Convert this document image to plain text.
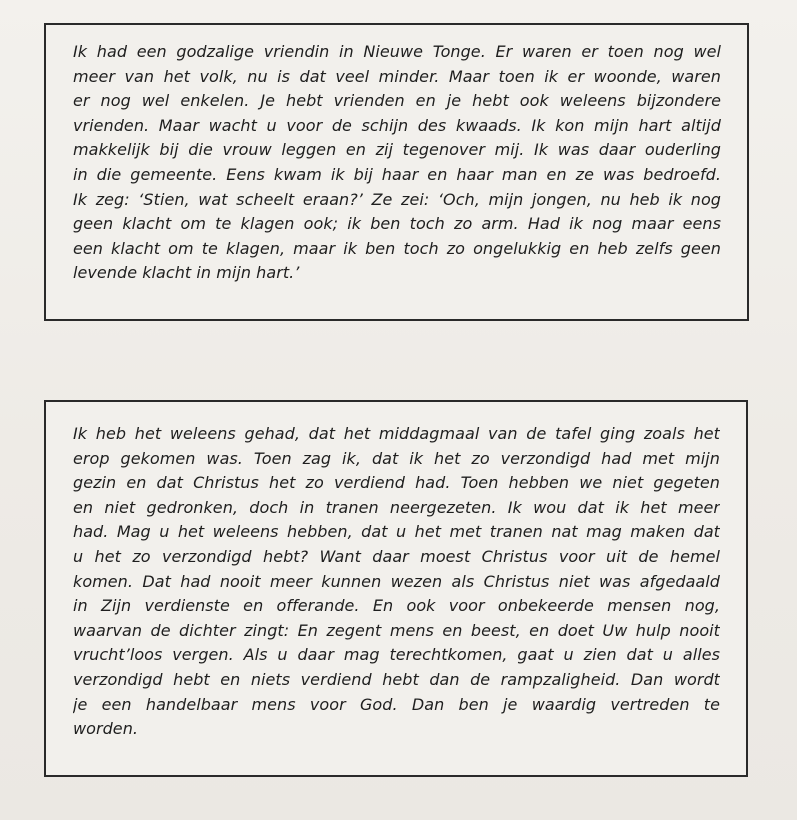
Ik had een godzalige vriendin in Nieuwe Tonge. Er waren er toen nog wel
meer van het volk, nu is dat veel minder. Maar toen ik er woonde, waren
er nog wel enkelen. Je hebt vrienden en je hebt ook weleens bijzondere
vrienden. Maar wacht u voor de schijn des kwaads. Ik kon mijn hart altijd
makkelijk bij die vrouw leggen en zij tegenover mij. Ik was daar ouderling
in die gemeente. Eens kwam ik bij haar en haar man en ze was bedroefd.
Ik zeg: ‘Stien, wat scheelt eraan?’ Ze zei: ‘Och, mijn jongen, nu heb ik nog
geen klacht om te klagen ook; ik ben toch zo arm. Had ik nog maar eens
een klacht om te klagen, maar ik ben toch zo ongelukkig en heb zelfs geen
levende klacht in mijn hart.’
Ik heb het weleens gehad, dat het middagmaal van de tafel ging zoals het
erop gekomen was. Toen zag ik, dat ik het zo verzondigd had met mijn
gezin en dat Christus het zo verdiend had. Toen hebben we niet gegeten
en niet gedronken, doch in tranen neergezeten. Ik wou dat ik het meer
had. Mag u het weleens hebben, dat u het met tranen nat mag maken dat
u het zo verzondigd hebt? Want daar moest Christus voor uit de hemel
komen. Dat had nooit meer kunnen wezen als Christus niet was afgedaald
in Zijn verdienste en offerande. En ook voor onbekeerde mensen nog,
waarvan de dichter zingt: En zegent mens en beest, en doet Uw hulp nooit
vrucht’loos vergen. Als u daar mag terechtkomen, gaat u zien dat u alles
verzondigd hebt en niets verdiend hebt dan de rampzaligheid. Dan wordt
je een handelbaar mens voor God. Dan ben je waardig vertreden te
worden.
